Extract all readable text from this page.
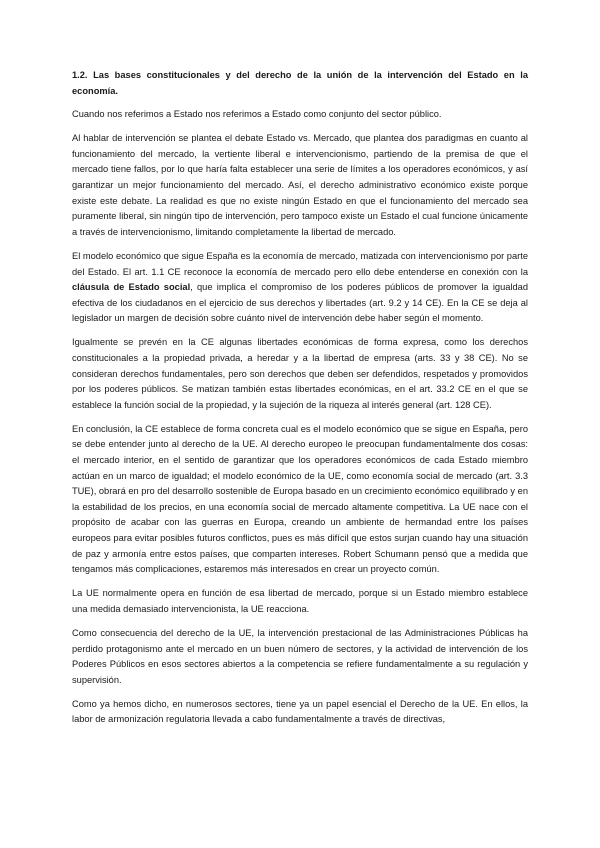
1.2. Las bases constitucionales y del derecho de la unión de la intervención del Estado en la economía.

Cuando nos referimos a Estado nos referimos a Estado como conjunto del sector público.

Al hablar de intervención se plantea el debate Estado vs. Mercado, que plantea dos paradigmas en cuanto al funcionamiento del mercado, la vertiente liberal e intervencionismo, partiendo de la premisa de que el mercado tiene fallos, por lo que haría falta establecer una serie de límites a los operadores económicos, y así garantizar un mejor funcionamiento del mercado. Así, el derecho administrativo económico existe porque existe este debate. La realidad es que no existe ningún Estado en que el funcionamiento del mercado sea puramente liberal, sin ningún tipo de intervención, pero tampoco existe un Estado el cual funcione únicamente a través de intervencionismo, limitando completamente la libertad de mercado.

El modelo económico que sigue España es la economía de mercado, matizada con intervencionismo por parte del Estado. El art. 1.1 CE reconoce la economía de mercado pero ello debe entenderse en conexión con la cláusula de Estado social, que implica el compromiso de los poderes públicos de promover la igualdad efectiva de los ciudadanos en el ejercicio de sus derechos y libertades (art. 9.2 y 14 CE). En la CE se deja al legislador un margen de decisión sobre cuánto nivel de intervención debe haber según el momento.

Igualmente se prevén en la CE algunas libertades económicas de forma expresa, como los derechos constitucionales a la propiedad privada, a heredar y a la libertad de empresa (arts. 33 y 38 CE). No se consideran derechos fundamentales, pero son derechos que deben ser defendidos, respetados y promovidos por los poderes públicos. Se matizan también estas libertades económicas, en el art. 33.2 CE en el que se establece la función social de la propiedad, y la sujeción de la riqueza al interés general (art. 128 CE).

En conclusión, la CE establece de forma concreta cual es el modelo económico que se sigue en España, pero se debe entender junto al derecho de la UE. Al derecho europeo le preocupan fundamentalmente dos cosas: el mercado interior, en el sentido de garantizar que los operadores económicos de cada Estado miembro actúan en un marco de igualdad; el modelo económico de la UE, como economía social de mercado (art. 3.3 TUE), obrará en pro del desarrollo sostenible de Europa basado en un crecimiento económico equilibrado y en la estabilidad de los precios, en una economía social de mercado altamente competitiva. La UE nace con el propósito de acabar con las guerras en Europa, creando un ambiente de hermandad entre los países europeos para evitar posibles futuros conflictos, pues es más difícil que estos surjan cuando hay una situación de paz y armonía entre estos países, que comparten intereses. Robert Schumann pensó que a medida que tengamos más complicaciones, estaremos más interesados en crear un proyecto común.

La UE normalmente opera en función de esa libertad de mercado, porque si un Estado miembro establece una medida demasiado intervencionista, la UE reacciona.

Como consecuencia del derecho de la UE, la intervención prestacional de las Administraciones Públicas ha perdido protagonismo ante el mercado en un buen número de sectores, y la actividad de intervención de los Poderes Públicos en esos sectores abiertos a la competencia se refiere fundamentalmente a su regulación y supervisión.

Como ya hemos dicho, en numerosos sectores, tiene ya un papel esencial el Derecho de la UE. En ellos, la labor de armonización regulatoria llevada a cabo fundamentalmente a través de directivas,
